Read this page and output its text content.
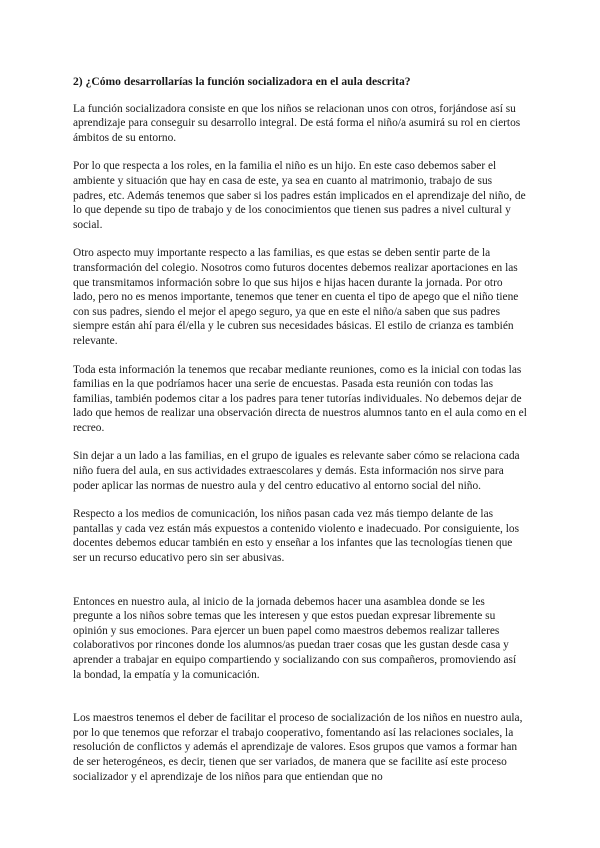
2) ¿Cómo desarrollarías la función socializadora en el aula descrita?

La función socializadora consiste en que los niños se relacionan unos con otros, forjándose así su aprendizaje para conseguir su desarrollo integral. De está forma el niño/a asumirá su rol en ciertos ámbitos de su entorno.

Por lo que respecta a los roles, en la familia el niño es un hijo. En este caso debemos saber el ambiente y situación que hay en casa de este, ya sea en cuanto al matrimonio, trabajo de sus padres, etc. Además tenemos que saber si los padres están implicados en el aprendizaje del niño, de lo que depende su tipo de trabajo y de los conocimientos que tienen sus padres a nivel cultural y social.

Otro aspecto muy importante respecto a las familias, es que estas se deben sentir parte de la transformación del colegio. Nosotros como futuros docentes debemos realizar aportaciones en las que transmitamos información sobre lo que sus hijos e hijas hacen durante la jornada. Por otro lado, pero no es menos importante, tenemos que tener en cuenta el tipo de apego que el niño tiene con sus padres, siendo el mejor el apego seguro, ya que en este el niño/a saben que sus padres siempre están ahí para él/ella y le cubren sus necesidades básicas. El estilo de crianza es también relevante.

Toda esta información la tenemos que recabar mediante reuniones, como es la inicial con todas las familias en la que podríamos hacer una serie de encuestas. Pasada esta reunión con todas las familias, también podemos citar a los padres para tener tutorías individuales. No debemos dejar de lado que hemos de realizar una observación directa de nuestros alumnos tanto en el aula como en el recreo.

Sin dejar a un lado a las familias, en el grupo de iguales es relevante saber cómo se relaciona cada niño fuera del aula, en sus actividades extraescolares y demás. Esta información nos sirve para poder aplicar las normas de nuestro aula y del centro educativo al entorno social del niño.

Respecto a los medios de comunicación, los niños pasan cada vez más tiempo delante de las pantallas y cada vez están más expuestos a contenido violento e inadecuado. Por consiguiente, los docentes debemos educar también en esto y enseñar a los infantes que las tecnologías tienen que ser un recurso educativo pero sin ser abusivas.

Entonces en nuestro aula, al inicio de la jornada debemos hacer una asamblea donde se les pregunte a los niños sobre temas que les interesen y que estos puedan expresar libremente su opinión y sus emociones. Para ejercer un buen papel como maestros debemos realizar talleres colaborativos por rincones donde los alumnos/as puedan traer cosas que les gustan desde casa y aprender a trabajar en equipo compartiendo y socializando con sus compañeros, promoviendo así la bondad, la empatía y la comunicación.

Los maestros tenemos el deber de facilitar el proceso de socialización de los niños en nuestro aula, por lo que tenemos que reforzar el trabajo cooperativo, fomentando así las relaciones sociales, la resolución de conflictos y además el aprendizaje de valores. Esos grupos que vamos a formar han de ser heterogéneos, es decir, tienen que ser variados, de manera que se facilite así este proceso socializador y el aprendizaje de los niños para que entiendan que no
